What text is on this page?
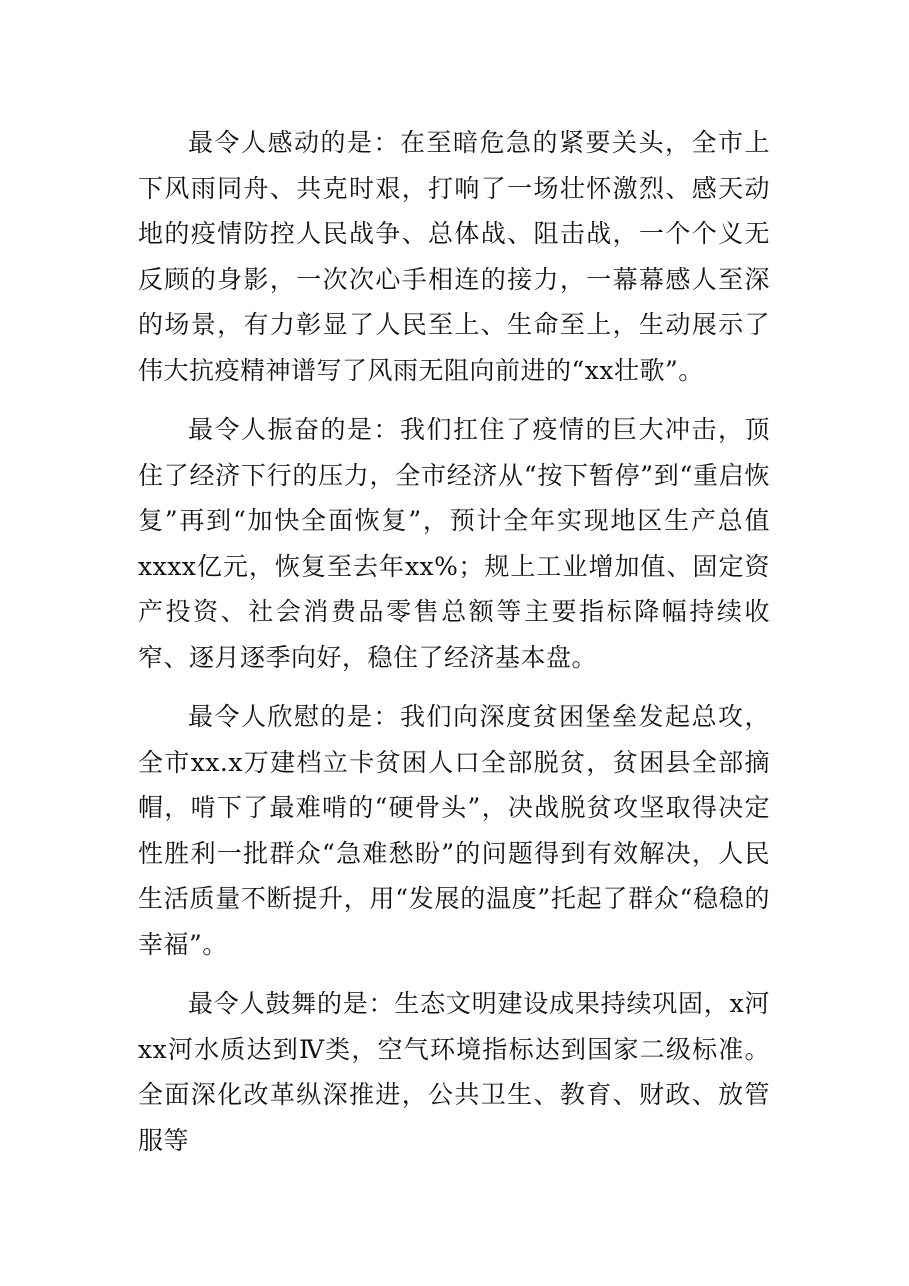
最令人感动的是：在至暗危急的紧要关头，全市上下风雨同舟、共克时艰，打响了一场壮怀激烈、感天动地的疫情防控人民战争、总体战、阻击战，一个个义无反顾的身影，一次次心手相连的接力，一幕幕感人至深的场景，有力彰显了人民至上、生命至上，生动展示了伟大抗疫精神谱写了风雨无阻向前进的“xx壮歌”。

最令人振奋的是：我们扛住了疫情的巨大冲击，顶住了经济下行的压力，全市经济从“按下暂停”到“重启恢复”再到“加快全面恢复”，预计全年实现地区生产总值xxxx亿元，恢复至去年xx%；规上工业增加值、固定资产投资、社会消费品零售总额等主要指标降幅持续收窄、逐月逐季向好，稳住了经济基本盘。

最令人欣慰的是：我们向深度贫困堡垒发起总攻，全市xx.x万建档立卡贫困人口全部脱贫，贫困县全部摘帽，啃下了最难啃的“硬骨头”，决战脱贫攻坚取得决定性胜利一批群众“急难愁盼”的问题得到有效解决，人民生活质量不断提升，用“发展的温度”托起了群众“稳稳的幸福”。

最令人鼓舞的是：生态文明建设成果持续巩固，x河xx河水质达到Ⅳ类，空气环境指标达到国家二级标准。全面深化改革纵深推进，公共卫生、教育、财政、放管服等
